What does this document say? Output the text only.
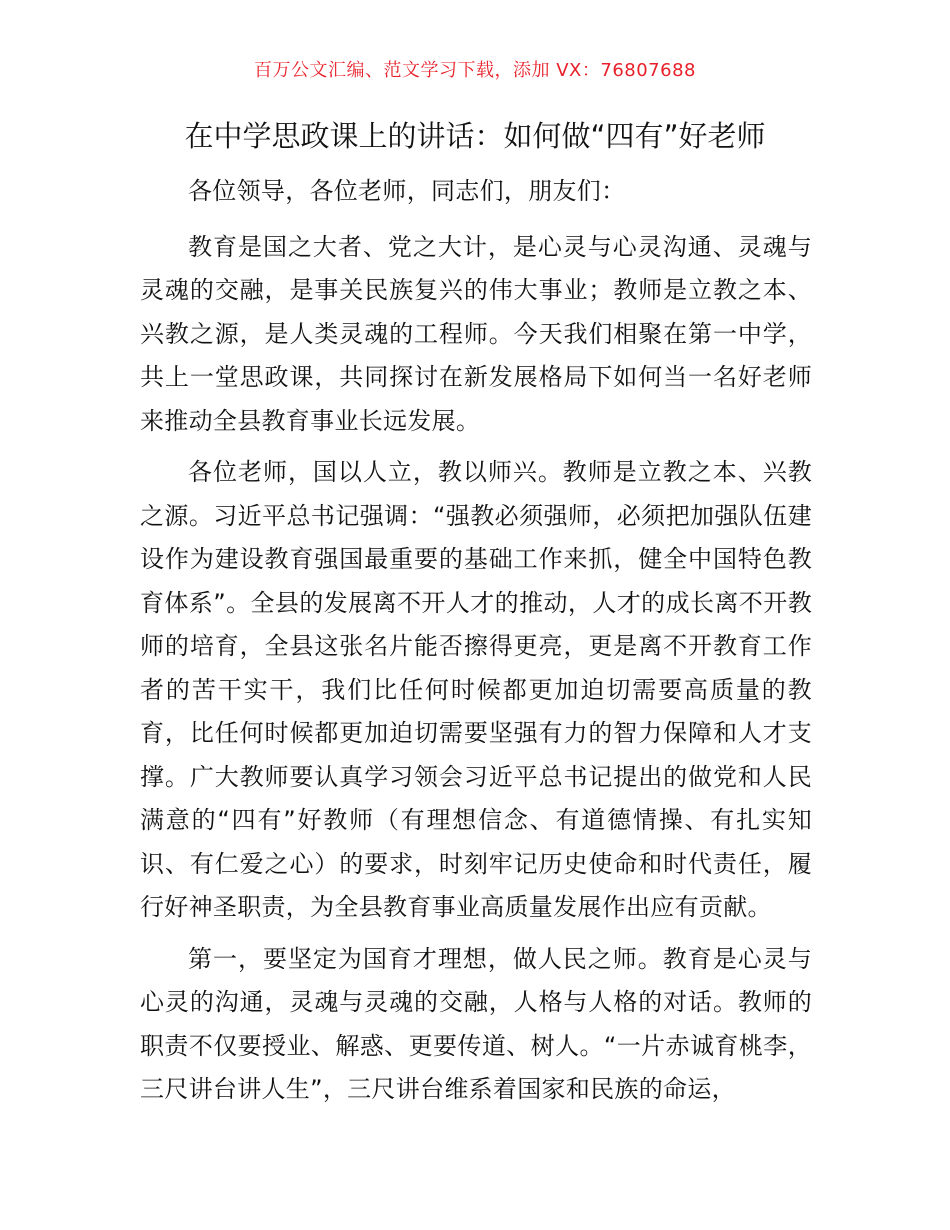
百万公文汇编、范文学习下载，添加 VX：76807688
在中学思政课上的讲话：如何做“四有”好老师

各位领导，各位老师，同志们，朋友们：

教育是国之大者、党之大计，是心灵与心灵沟通、灵魂与灵魂的交融，是事关民族复兴的伟大事业；教师是立教之本、兴教之源，是人类灵魂的工程师。今天我们相聚在第一中学，共上一堂思政课，共同探讨在新发展格局下如何当一名好老师来推动全县教育事业长远发展。

各位老师，国以人立，教以师兴。教师是立教之本、兴教之源。习近平总书记强调：“强教必须强师，必须把加强队伍建设作为建设教育强国最重要的基础工作来抓，健全中国特色教育体系”。全县的发展离不开人才的推动，人才的成长离不开教师的培育，全县这张名片能否擦得更亮，更是离不开教育工作者的苦干实干，我们比任何时候都更加迫切需要高质量的教育，比任何时候都更加迫切需要坚强有力的智力保障和人才支撑。广大教师要认真学习领会习近平总书记提出的做党和人民满意的“四有”好教师（有理想信念、有道德情操、有扎实知识、有仁爱之心）的要求，时刻牢记历史使命和时代责任，履行好神圣职责，为全县教育事业高质量发展作出应有贡献。

第一，要坚定为国育才理想，做人民之师。教育是心灵与心灵的沟通，灵魂与灵魂的交融，人格与人格的对话。教师的职责不仅要授业、解惑、更要传道、树人。“一片赤诚育桃李，三尺讲台讲人生”，三尺讲台维系着国家和民族的命运，
